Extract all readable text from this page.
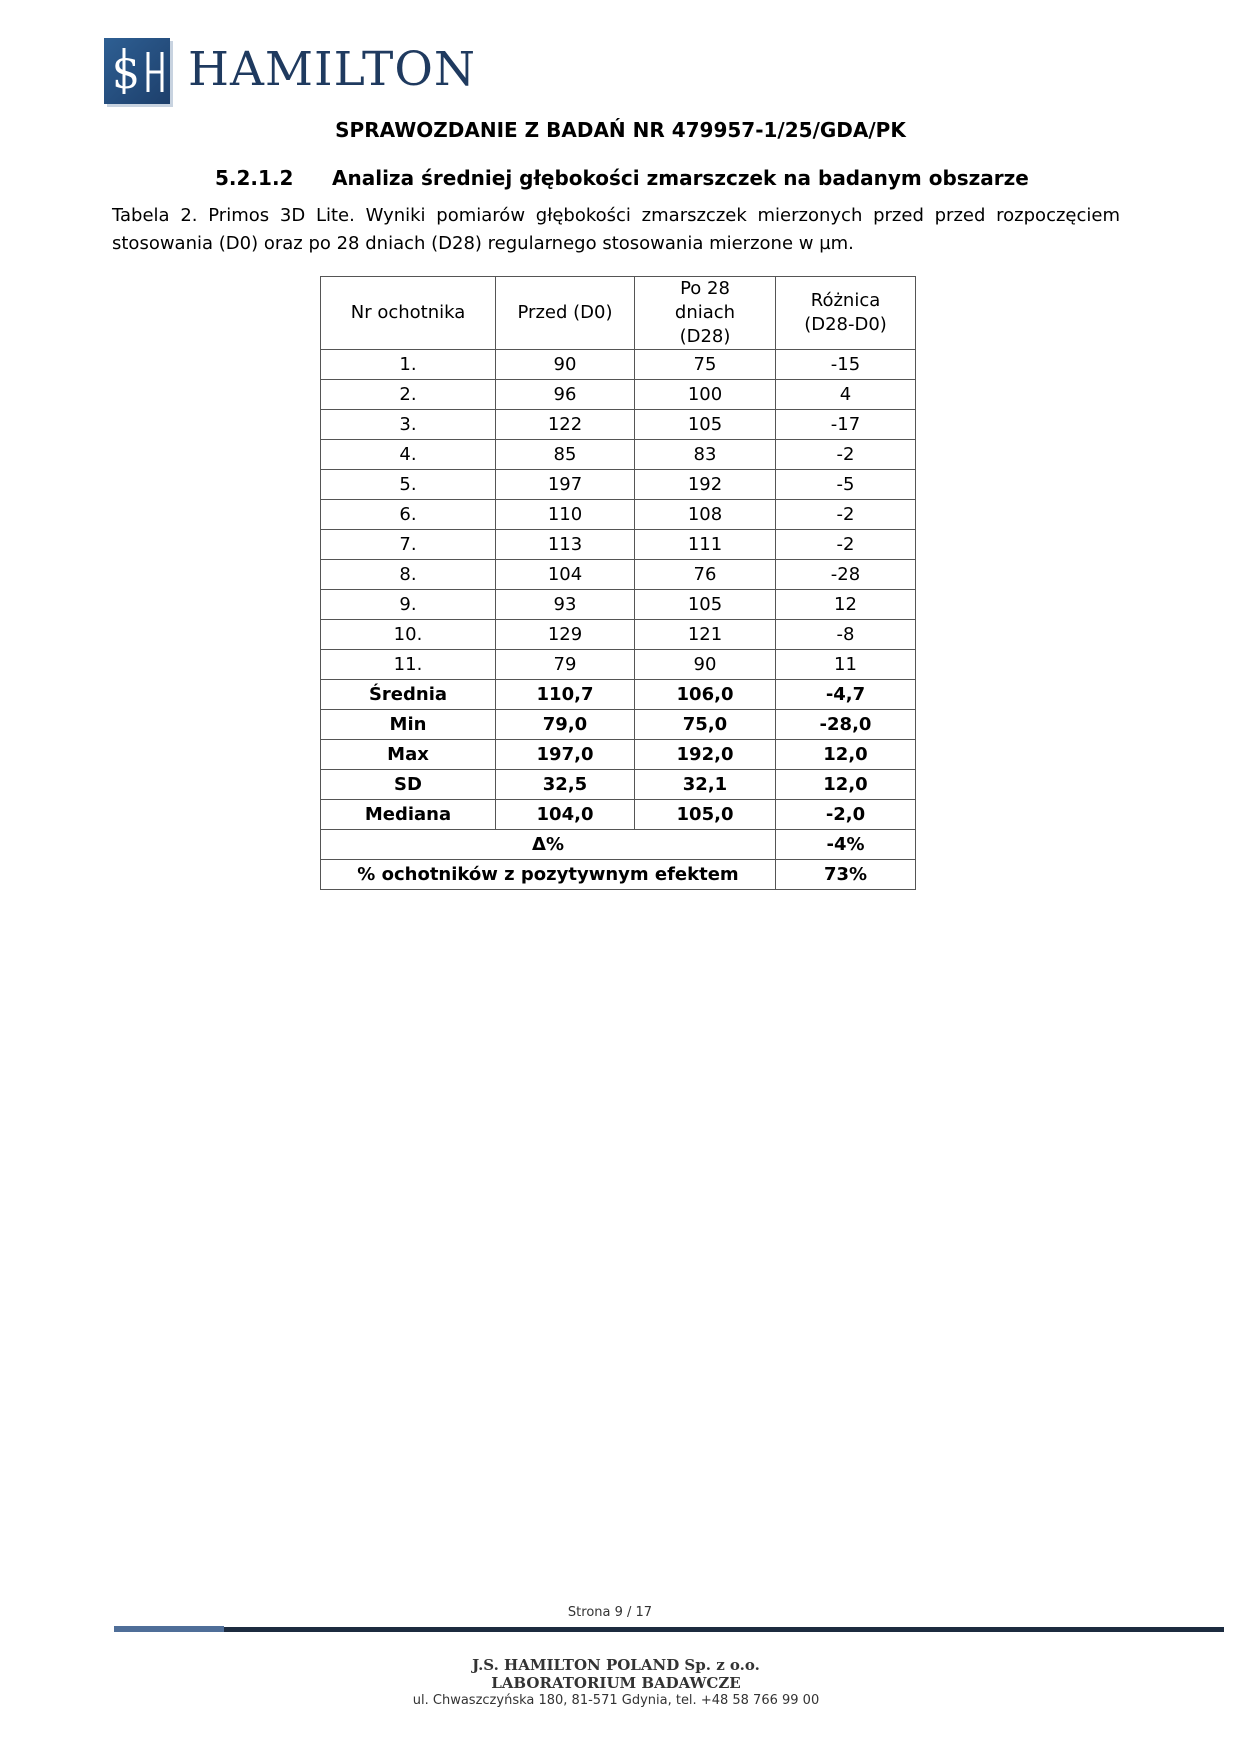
S HAMILTON
SPRAWOZDANIE Z BADAŃ NR 479957-1/25/GDA/PK
5.2.1.2 Analiza średniej głębokości zmarszczek na badanym obszarze
Tabela 2. Primos 3D Lite. Wyniki pomiarów głębokości zmarszczek mierzonych przed przed rozpoczęciem stosowania (D0) oraz po 28 dniach (D28) regularnego stosowania mierzone w µm.
Nr ochotnika	Przed (D0)	Po 28 dniach (D28)	Różnica (D28-D0)

1.	90	75	-15
2.	96	100	4
3.	122	105	-17
4.	85	83	-2
5.	197	192	-5
6.	110	108	-2
7.	113	111	-2
8.	104	76	-28
9.	93	105	12
10.	129	121	-8
11.	79	90	11
Średnia	110,7	106,0	-4,7
Min	79,0	75,0	-28,0
Max	197,0	192,0	12,0
SD	32,5	32,1	12,0
Mediana	104,0	105,0	-2,0
Δ%			-4%
% ochotników z pozytywnym efektem			73%
Strona 9 / 17
J.S. HAMILTON POLAND Sp. z o.o.
LABORATORIUM BADAWCZE
ul. Chwaszczyńska 180, 81-571 Gdynia, tel. +48 58 766 99 00
